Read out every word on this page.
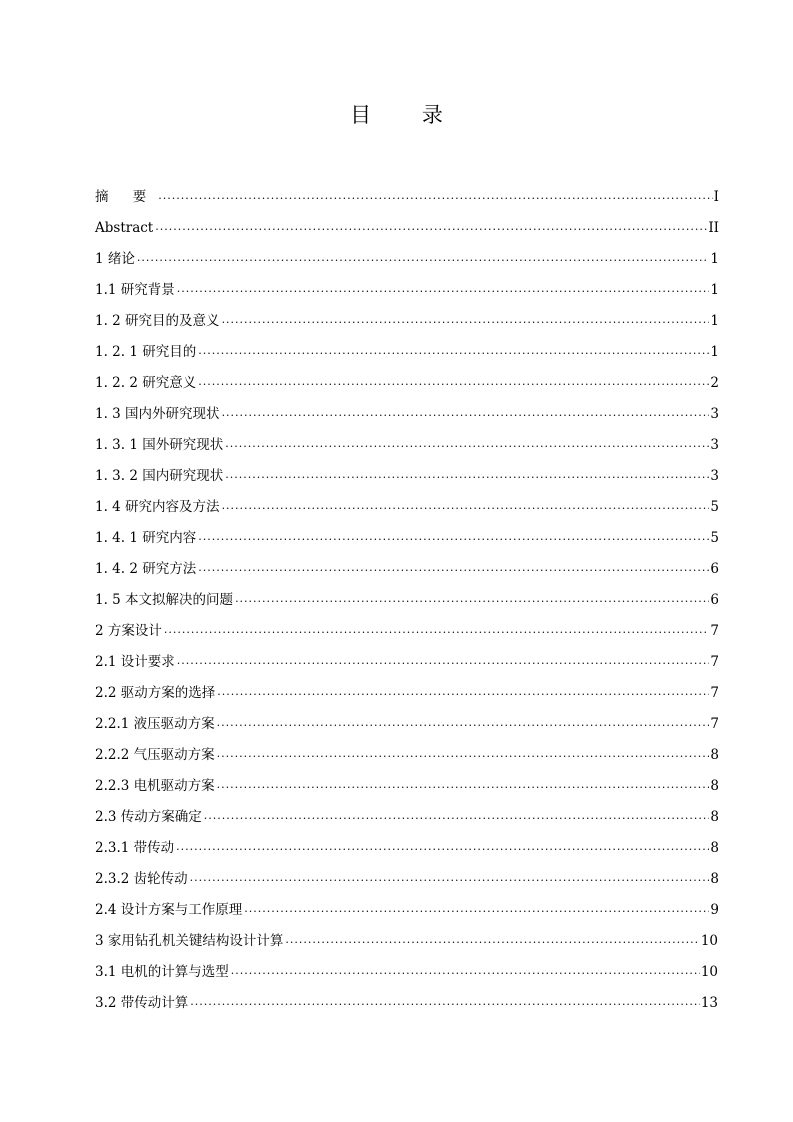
目 录
摘 要 .....	I
Abstract .....	II
1 绪论 .....	1
1.1 研究背景 .....	1
1. 2 研究目的及意义 .....	1
1. 2. 1 研究目的 .....	1
1. 2. 2 研究意义 .....	2
1. 3 国内外研究现状 .....	3
1. 3. 1 国外研究现状 .....	3
1. 3. 2 国内研究现状 .....	3
1. 4 研究内容及方法 .....	5
1. 4. 1 研究内容 .....	5
1. 4. 2 研究方法 .....	6
1. 5 本文拟解决的问题 .....	6
2 方案设计 .....	7
2.1 设计要求 .....	7
2.2 驱动方案的选择 .....	7
2.2.1 液压驱动方案 .....	7
2.2.2 气压驱动方案 .....	8
2.2.3 电机驱动方案 .....	8
2.3 传动方案确定 .....	8
2.3.1 带传动 .....	8
2.3.2 齿轮传动 .....	8
2.4 设计方案与工作原理 .....	9
3 家用钻孔机关键结构设计计算 .....	10
3.1 电机的计算与选型 .....	10
3.2 带传动计算 .....	13
